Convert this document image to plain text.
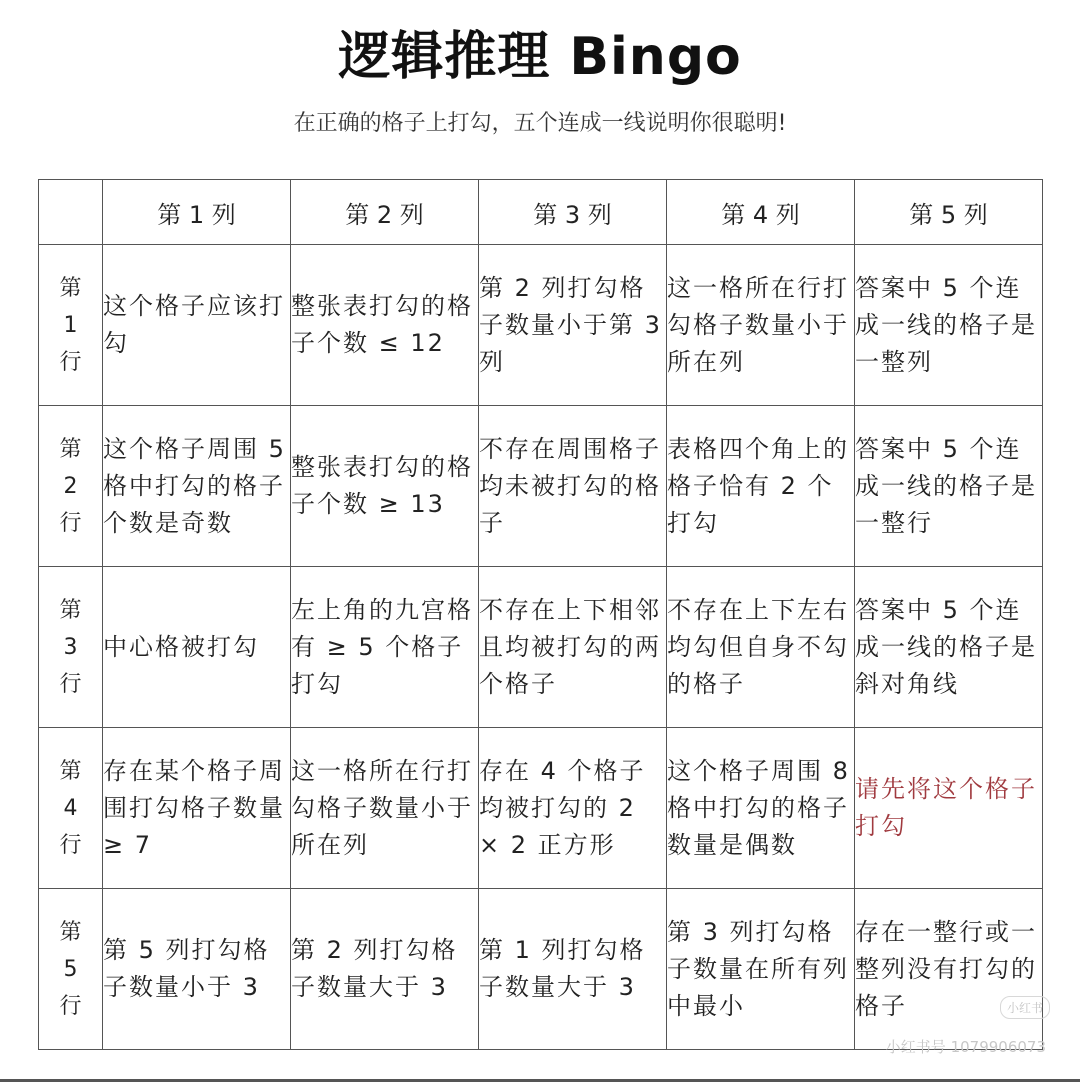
逻辑推理 Bingo
在正确的格子上打勾，五个连成一线说明你很聪明!
	第 1 列	第 2 列	第 3 列	第 4 列	第 5 列

第
1
行	这个格子应该打勾	整张表打勾的格子个数 ≤ 12	第 2 列打勾格子数量小于第 3 列	这一格所在行打勾格子数量小于所在列	答案中 5 个连成一线的格子是一整列

第
2
行	这个格子周围 5 格中打勾的格子个数是奇数	整张表打勾的格子个数 ≥ 13	不存在周围格子均未被打勾的格子	表格四个角上的格子恰有 2 个打勾	答案中 5 个连成一线的格子是一整行

第
3
行	中心格被打勾	左上角的九宫格有 ≥ 5 个格子打勾	不存在上下相邻且均被打勾的两个格子	不存在上下左右均勾但自身不勾的格子	答案中 5 个连成一线的格子是斜对角线

第
4
行	存在某个格子周围打勾格子数量 ≥ 7	这一格所在行打勾格子数量小于所在列	存在 4 个格子均被打勾的 2 × 2 正方形	这个格子周围 8 格中打勾的格子数量是偶数	请先将这个格子打勾

第
5
行	第 5 列打勾格子数量小于 3	第 2 列打勾格子数量大于 3	第 1 列打勾格子数量大于 3	第 3 列打勾格子数量在所有列中最小	存在一整行或一整列没有打勾的格子	小红书
小红书号 1079906073
